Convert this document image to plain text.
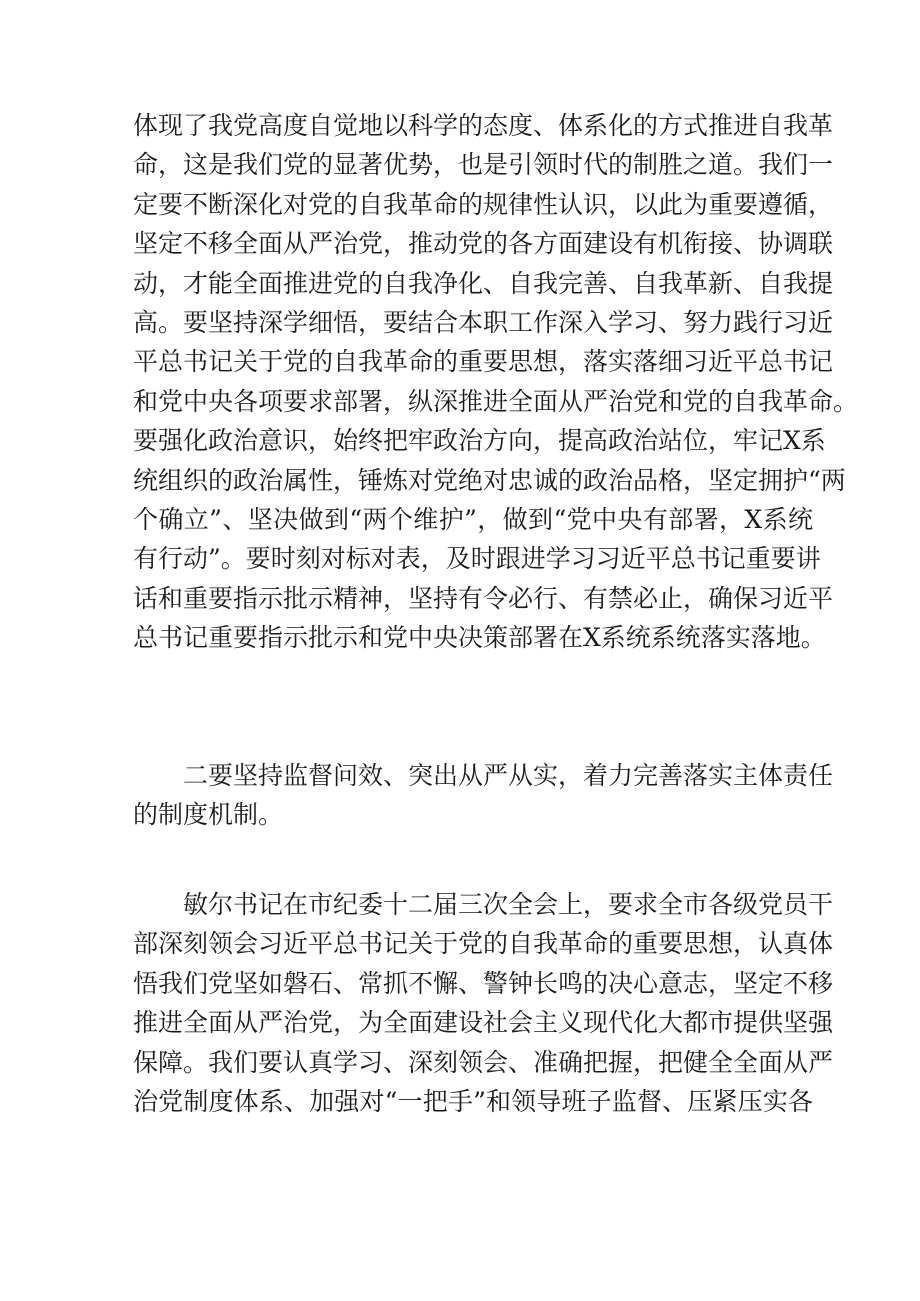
体现了我党高度自觉地以科学的态度、体系化的方式推进自我革
命，这是我们党的显著优势，也是引领时代的制胜之道。我们一
定要不断深化对党的自我革命的规律性认识，以此为重要遵循，
坚定不移全面从严治党，推动党的各方面建设有机衔接、协调联
动，才能全面推进党的自我净化、自我完善、自我革新、自我提
高。要坚持深学细悟，要结合本职工作深入学习、努力践行习近
平总书记关于党的自我革命的重要思想，落实落细习近平总书记
和党中央各项要求部署，纵深推进全面从严治党和党的自我革命。
要强化政治意识，始终把牢政治方向，提高政治站位，牢记X系
统组织的政治属性，锤炼对党绝对忠诚的政治品格，坚定拥护“两
个确立”、坚决做到“两个维护”，做到“党中央有部署，X系统
有行动”。要时刻对标对表，及时跟进学习习近平总书记重要讲
话和重要指示批示精神，坚持有令必行、有禁必止，确保习近平
总书记重要指示批示和党中央决策部署在X系统系统落实落地。
二要坚持监督问效、突出从严从实，着力完善落实主体责任
的制度机制。
敏尔书记在市纪委十二届三次全会上，要求全市各级党员干
部深刻领会习近平总书记关于党的自我革命的重要思想，认真体
悟我们党坚如磐石、常抓不懈、警钟长鸣的决心意志，坚定不移
推进全面从严治党，为全面建设社会主义现代化大都市提供坚强
保障。我们要认真学习、深刻领会、准确把握，把健全全面从严
治党制度体系、加强对“一把手”和领导班子监督、压紧压实各
